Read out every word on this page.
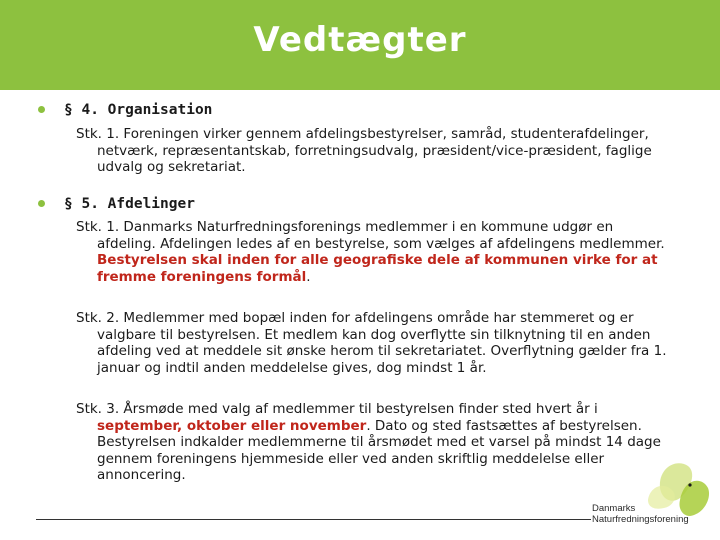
Vedtægter
§ 4. Organisation
Stk. 1. Foreningen virker gennem afdelingsbestyrelser, samråd, studenterafdelinger,
netværk, repræsentantskab, forretningsudvalg, præsident/vice-præsident, faglige udvalg og sekretariat.
§ 5. Afdelinger
Stk. 1. Danmarks Naturfredningsforenings medlemmer i en kommune udgør en
afdeling. Afdelingen ledes af en bestyrelse, som vælges af afdelingens medlemmer. Bestyrelsen skal inden for alle geografiske dele af kommunen virke for at fremme foreningens formål.
Stk. 2. Medlemmer med bopæl inden for afdelingens område har stemmeret og er
valgbare til bestyrelsen. Et medlem kan dog overflytte sin tilknytning til en anden afdeling ved at meddele sit ønske herom til sekretariatet. Overflytning gælder fra 1. januar og indtil anden meddelelse gives, dog mindst 1 år.
Stk. 3. Årsmøde med valg af medlemmer til bestyrelsen finder sted hvert år i
september, oktober eller november. Dato og sted fastsættes af bestyrelsen. Bestyrelsen indkalder medlemmerne til årsmødet med et varsel på mindst 14 dage gennem foreningens hjemmeside eller ved anden skriftlig meddelelse eller annoncering.
Danmarks
Naturfredningsforening
